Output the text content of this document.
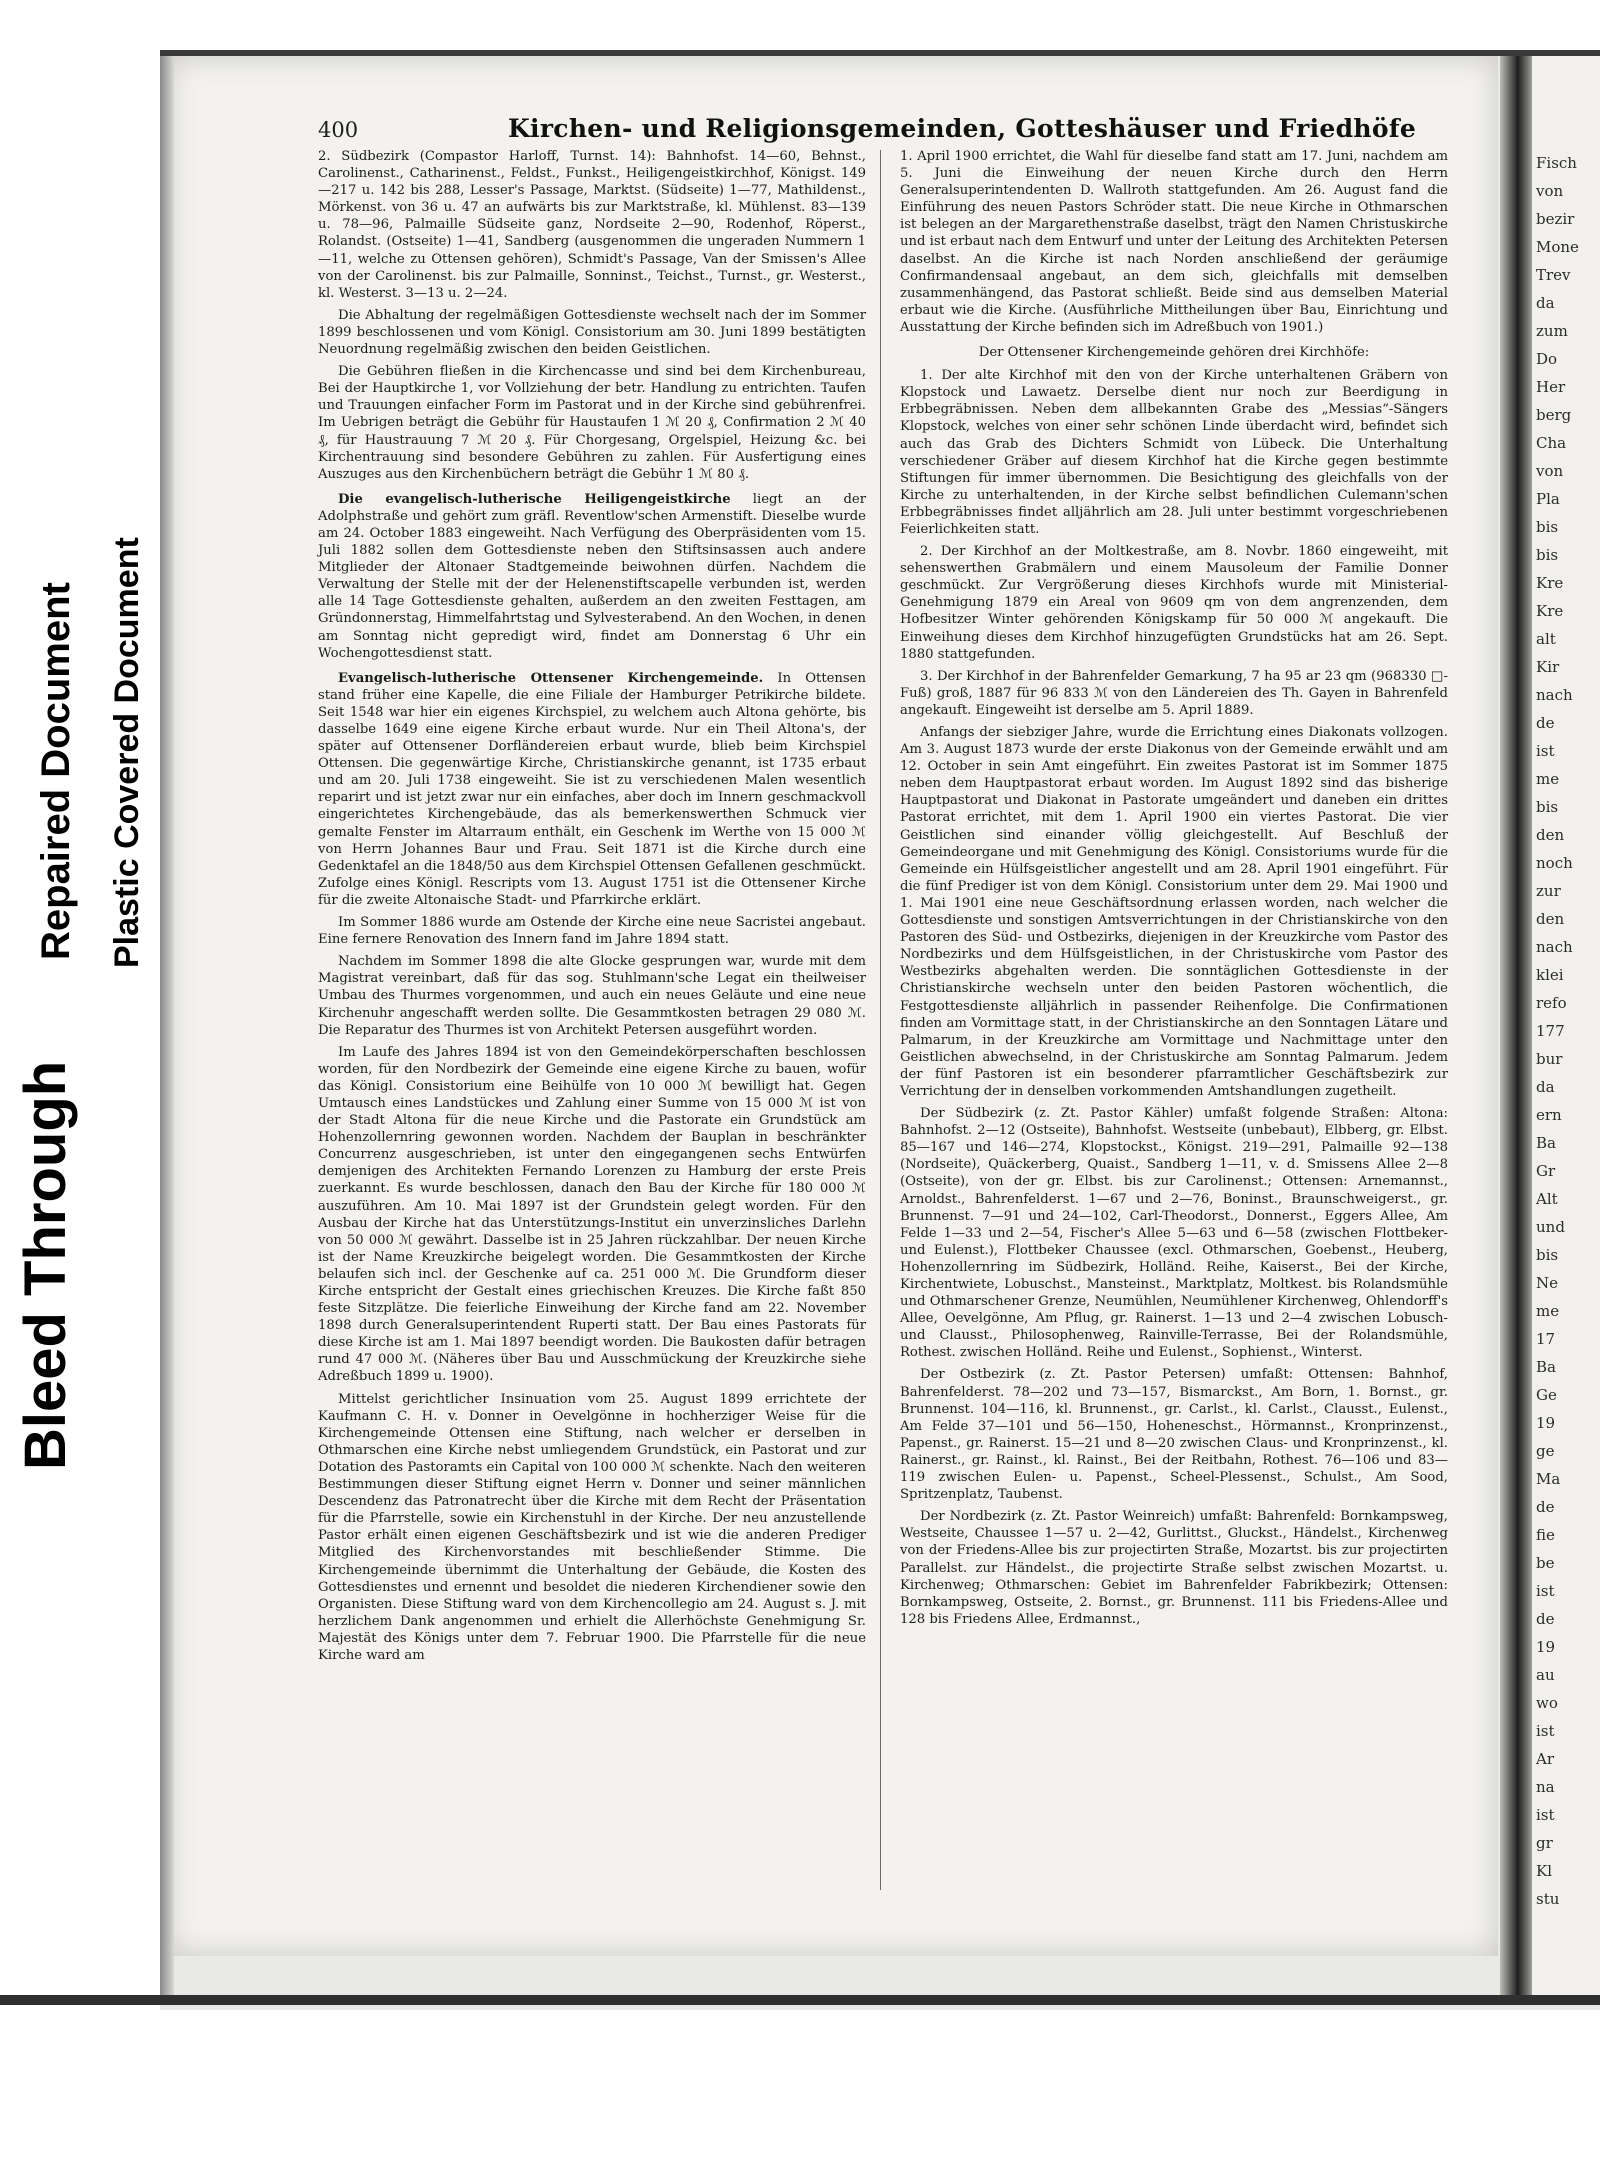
Bleed Through
Repaired Document Plastic Covered Document
Fisch
von
bezir
Mone
Trev
da
zum
Do
Her
berg
Cha
von
Pla
bis
bis
Kre
Kre
alt
Kir
nach
de
ist
me
bis
den
noch
zur
den
nach
klei
refo
177
bur
da
ern
Ba
Gr
Alt
und
bis
Ne
me
17
Ba
Ge
19
ge
Ma
de
fie
be
ist
de
19
au
wo
ist
Ar
na
ist
gr
Kl
stu
400	Kirchen- und Religionsgemeinden, Gotteshäuser und Friedhöfe

2. Südbezirk (Compastor Harloff, Turnst. 14): Bahnhofst. 14—60, Behnst., Carolinenst., Catharinenst., Feldst., Funkst., Heiligengeistkirchhof, Königst. 149—217 u. 142 bis 288, Lesser's Passage, Marktst. (Südseite) 1—77, Mathildenst., Mörkenst. von 36 u. 47 an aufwärts bis zur Marktstraße, kl. Mühlenst. 83—139 u. 78—96, Palmaille Südseite ganz, Nordseite 2—90, Rodenhof, Röperst., Rolandst. (Ostseite) 1—41, Sandberg (ausgenommen die ungeraden Nummern 1—11, welche zu Ottensen gehören), Schmidt's Passage, Van der Smissen's Allee von der Carolinenst. bis zur Palmaille, Sonninst., Teichst., Turnst., gr. Westerst., kl. Westerst. 3—13 u. 2—24.

Die Abhaltung der regelmäßigen Gottesdienste wechselt nach der im Sommer 1899 beschlossenen und vom Königl. Consistorium am 30. Juni 1899 bestätigten Neuordnung regelmäßig zwischen den beiden Geistlichen.

Die Gebühren fließen in die Kirchencasse und sind bei dem Kirchenbureau, Bei der Hauptkirche 1, vor Vollziehung der betr. Handlung zu entrichten. Taufen und Trauungen einfacher Form im Pastorat und in der Kirche sind gebührenfrei. Im Uebrigen beträgt die Gebühr für Haustaufen 1 ℳ 20 ₰, Confirmation 2 ℳ 40 ₰, für Haustrauung 7 ℳ 20 ₰. Für Chorgesang, Orgelspiel, Heizung &c. bei Kirchentrauung sind besondere Gebühren zu zahlen. Für Ausfertigung eines Auszuges aus den Kirchenbüchern beträgt die Gebühr 1 ℳ 80 ₰.

Die evangelisch-lutherische Heiligengeistkirche liegt an der Adolphstraße und gehört zum gräfl. Reventlow'schen Armenstift. Dieselbe wurde am 24. October 1883 eingeweiht. Nach Verfügung des Oberpräsidenten vom 15. Juli 1882 sollen dem Gottesdienste neben den Stiftsinsassen auch andere Mitglieder der Altonaer Stadtgemeinde beiwohnen dürfen. Nachdem die Verwaltung der Stelle mit der der Helenenstiftscapelle verbunden ist, werden alle 14 Tage Gottesdienste gehalten, außerdem an den zweiten Festtagen, am Gründonnerstag, Himmelfahrtstag und Sylvesterabend. An den Wochen, in denen am Sonntag nicht gepredigt wird, findet am Donnerstag 6 Uhr ein Wochengottesdienst statt.

Evangelisch-lutherische Ottensener Kirchengemeinde. In Ottensen stand früher eine Kapelle, die eine Filiale der Hamburger Petrikirche bildete. Seit 1548 war hier ein eigenes Kirchspiel, zu welchem auch Altona gehörte, bis dasselbe 1649 eine eigene Kirche erbaut wurde. Nur ein Theil Altona's, der später auf Ottensener Dorfländereien erbaut wurde, blieb beim Kirchspiel Ottensen. Die gegenwärtige Kirche, Christianskirche genannt, ist 1735 erbaut und am 20. Juli 1738 eingeweiht. Sie ist zu verschiedenen Malen wesentlich reparirt und ist jetzt zwar nur ein einfaches, aber doch im Innern geschmackvoll eingerichtetes Kirchengebäude, das als bemerkenswerthen Schmuck vier gemalte Fenster im Altarraum enthält, ein Geschenk im Werthe von 15 000 ℳ von Herrn Johannes Baur und Frau. Seit 1871 ist die Kirche durch eine Gedenktafel an die 1848/50 aus dem Kirchspiel Ottensen Gefallenen geschmückt. Zufolge eines Königl. Rescripts vom 13. August 1751 ist die Ottensener Kirche für die zweite Altonaische Stadt- und Pfarrkirche erklärt.

Im Sommer 1886 wurde am Ostende der Kirche eine neue Sacristei angebaut. Eine fernere Renovation des Innern fand im Jahre 1894 statt.

Nachdem im Sommer 1898 die alte Glocke gesprungen war, wurde mit dem Magistrat vereinbart, daß für das sog. Stuhlmann'sche Legat ein theilweiser Umbau des Thurmes vorgenommen, und auch ein neues Geläute und eine neue Kirchenuhr angeschafft werden sollte. Die Gesammtkosten betragen 29 080 ℳ. Die Reparatur des Thurmes ist von Architekt Petersen ausgeführt worden.

Im Laufe des Jahres 1894 ist von den Gemeindekörperschaften beschlossen worden, für den Nordbezirk der Gemeinde eine eigene Kirche zu bauen, wofür das Königl. Consistorium eine Beihülfe von 10 000 ℳ bewilligt hat. Gegen Umtausch eines Landstückes und Zahlung einer Summe von 15 000 ℳ ist von der Stadt Altona für die neue Kirche und die Pastorate ein Grundstück am Hohenzollernring gewonnen worden. Nachdem der Bauplan in beschränkter Concurrenz ausgeschrieben, ist unter den eingegangenen sechs Entwürfen demjenigen des Architekten Fernando Lorenzen zu Hamburg der erste Preis zuerkannt. Es wurde beschlossen, danach den Bau der Kirche für 180 000 ℳ auszuführen. Am 10. Mai 1897 ist der Grundstein gelegt worden. Für den Ausbau der Kirche hat das Unterstützungs-Institut ein unverzinsliches Darlehn von 50 000 ℳ gewährt. Dasselbe ist in 25 Jahren rückzahlbar. Der neuen Kirche ist der Name Kreuzkirche beigelegt worden. Die Gesammtkosten der Kirche belaufen sich incl. der Geschenke auf ca. 251 000 ℳ. Die Grundform dieser Kirche entspricht der Gestalt eines griechischen Kreuzes. Die Kirche faßt 850 feste Sitzplätze. Die feierliche Einweihung der Kirche fand am 22. November 1898 durch Generalsuperintendent Ruperti statt. Der Bau eines Pastorats für diese Kirche ist am 1. Mai 1897 beendigt worden. Die Baukosten dafür betragen rund 47 000 ℳ. (Näheres über Bau und Ausschmückung der Kreuzkirche siehe Adreßbuch 1899 u. 1900).

Mittelst gerichtlicher Insinuation vom 25. August 1899 errichtete der Kaufmann C. H. v. Donner in Oevelgönne in hochherziger Weise für die Kirchengemeinde Ottensen eine Stiftung, nach welcher er derselben in Othmarschen eine Kirche nebst umliegendem Grundstück, ein Pastorat und zur Dotation des Pastoramts ein Capital von 100 000 ℳ schenkte. Nach den weiteren Bestimmungen dieser Stiftung eignet Herrn v. Donner und seiner männlichen Descendenz das Patronatrecht über die Kirche mit dem Recht der Präsentation für die Pfarrstelle, sowie ein Kirchenstuhl in der Kirche. Der neu anzustellende Pastor erhält einen eigenen Geschäftsbezirk und ist wie die anderen Prediger Mitglied des Kirchenvorstandes mit beschließender Stimme. Die Kirchengemeinde übernimmt die Unterhaltung der Gebäude, die Kosten des Gottesdienstes und ernennt und besoldet die niederen Kirchendiener sowie den Organisten. Diese Stiftung ward von dem Kirchencollegio am 24. August s. J. mit herzlichem Dank angenommen und erhielt die Allerhöchste Genehmigung Sr. Majestät des Königs unter dem 7. Februar 1900. Die Pfarrstelle für die neue Kirche ward am

1. April 1900 errichtet, die Wahl für dieselbe fand statt am 17. Juni, nachdem am 5. Juni die Einweihung der neuen Kirche durch den Herrn Generalsuperintendenten D. Wallroth stattgefunden. Am 26. August fand die Einführung des neuen Pastors Schröder statt. Die neue Kirche in Othmarschen ist belegen an der Margarethenstraße daselbst, trägt den Namen Christuskirche und ist erbaut nach dem Entwurf und unter der Leitung des Architekten Petersen daselbst. An die Kirche ist nach Norden anschließend der geräumige Confirmandensaal angebaut, an dem sich, gleichfalls mit demselben zusammenhängend, das Pastorat schließt. Beide sind aus demselben Material erbaut wie die Kirche. (Ausführliche Mittheilungen über Bau, Einrichtung und Ausstattung der Kirche befinden sich im Adreßbuch von 1901.)

Der Ottensener Kirchengemeinde gehören drei Kirchhöfe:

1. Der alte Kirchhof mit den von der Kirche unterhaltenen Gräbern von Klopstock und Lawaetz. Derselbe dient nur noch zur Beerdigung in Erbbegräbnissen. Neben dem allbekannten Grabe des „Messias“-Sängers Klopstock, welches von einer sehr schönen Linde überdacht wird, befindet sich auch das Grab des Dichters Schmidt von Lübeck. Die Unterhaltung verschiedener Gräber auf diesem Kirchhof hat die Kirche gegen bestimmte Stiftungen für immer übernommen. Die Besichtigung des gleichfalls von der Kirche zu unterhaltenden, in der Kirche selbst befindlichen Culemann'schen Erbbegräbnisses findet alljährlich am 28. Juli unter bestimmt vorgeschriebenen Feierlichkeiten statt.

2. Der Kirchhof an der Moltkestraße, am 8. Novbr. 1860 eingeweiht, mit sehenswerthen Grabmälern und einem Mausoleum der Familie Donner geschmückt. Zur Vergrößerung dieses Kirchhofs wurde mit Ministerial-Genehmigung 1879 ein Areal von 9609 qm von dem angrenzenden, dem Hofbesitzer Winter gehörenden Königskamp für 50 000 ℳ angekauft. Die Einweihung dieses dem Kirchhof hinzugefügten Grundstücks hat am 26. Sept. 1880 stattgefunden.

3. Der Kirchhof in der Bahrenfelder Gemarkung, 7 ha 95 ar 23 qm (968330 □-Fuß) groß, 1887 für 96 833 ℳ von den Ländereien des Th. Gayen in Bahrenfeld angekauft. Eingeweiht ist derselbe am 5. April 1889.

Anfangs der siebziger Jahre, wurde die Errichtung eines Diakonats vollzogen. Am 3. August 1873 wurde der erste Diakonus von der Gemeinde erwählt und am 12. October in sein Amt eingeführt. Ein zweites Pastorat ist im Sommer 1875 neben dem Hauptpastorat erbaut worden. Im August 1892 sind das bisherige Hauptpastorat und Diakonat in Pastorate umgeändert und daneben ein drittes Pastorat errichtet, mit dem 1. April 1900 ein viertes Pastorat. Die vier Geistlichen sind einander völlig gleichgestellt. Auf Beschluß der Gemeindeorgane und mit Genehmigung des Königl. Consistoriums wurde für die Gemeinde ein Hülfsgeistlicher angestellt und am 28. April 1901 eingeführt. Für die fünf Prediger ist von dem Königl. Consistorium unter dem 29. Mai 1900 und 1. Mai 1901 eine neue Geschäftsordnung erlassen worden, nach welcher die Gottesdienste und sonstigen Amtsverrichtungen in der Christianskirche von den Pastoren des Süd- und Ostbezirks, diejenigen in der Kreuzkirche vom Pastor des Nordbezirks und dem Hülfsgeistlichen, in der Christuskirche vom Pastor des Westbezirks abgehalten werden. Die sonntäglichen Gottesdienste in der Christianskirche wechseln unter den beiden Pastoren wöchentlich, die Festgottesdienste alljährlich in passender Reihenfolge. Die Confirmationen finden am Vormittage statt, in der Christianskirche an den Sonntagen Lätare und Palmarum, in der Kreuzkirche am Vormittage und Nachmittage unter den Geistlichen abwechselnd, in der Christuskirche am Sonntag Palmarum. Jedem der fünf Pastoren ist ein besonderer pfarramtlicher Geschäftsbezirk zur Verrichtung der in denselben vorkommenden Amtshandlungen zugetheilt.

Der Südbezirk (z. Zt. Pastor Kähler) umfaßt folgende Straßen: Altona: Bahnhofst. 2—12 (Ostseite), Bahnhofst. Westseite (unbebaut), Elbberg, gr. Elbst. 85—167 und 146—274, Klopstockst., Königst. 219—291, Palmaille 92—138 (Nordseite), Quäckerberg, Quaist., Sandberg 1—11, v. d. Smissens Allee 2—8 (Ostseite), von der gr. Elbst. bis zur Carolinenst.; Ottensen: Arnemannst., Arnoldst., Bahrenfelderst. 1—67 und 2—76, Boninst., Braunschweigerst., gr. Brunnenst. 7—91 und 24—102, Carl-Theodorst., Donnerst., Eggers Allee, Am Felde 1—33 und 2—54, Fischer's Allee 5—63 und 6—58 (zwischen Flottbeker- und Eulenst.), Flottbeker Chaussee (excl. Othmarschen, Goebenst., Heuberg, Hohenzollernring im Südbezirk, Holländ. Reihe, Kaiserst., Bei der Kirche, Kirchentwiete, Lobuschst., Mansteinst., Marktplatz, Moltkest. bis Rolandsmühle und Othmarschener Grenze, Neumühlen, Neumühlener Kirchenweg, Ohlendorff's Allee, Oevelgönne, Am Pflug, gr. Rainerst. 1—13 und 2—4 zwischen Lobusch- und Clausst., Philosophenweg, Rainville-Terrasse, Bei der Rolandsmühle, Rothest. zwischen Holländ. Reihe und Eulenst., Sophienst., Winterst.

Der Ostbezirk (z. Zt. Pastor Petersen) umfaßt: Ottensen: Bahnhof, Bahrenfelderst. 78—202 und 73—157, Bismarckst., Am Born, 1. Bornst., gr. Brunnenst. 104—116, kl. Brunnenst., gr. Carlst., kl. Carlst., Clausst., Eulenst., Am Felde 37—101 und 56—150, Hoheneschst., Hörmannst., Kronprinzenst., Papenst., gr. Rainerst. 15—21 und 8—20 zwischen Claus- und Kronprinzenst., kl. Rainerst., gr. Rainst., kl. Rainst., Bei der Reitbahn, Rothest. 76—106 und 83—119 zwischen Eulen- u. Papenst., Scheel-Plessenst., Schulst., Am Sood, Spritzenplatz, Taubenst.

Der Nordbezirk (z. Zt. Pastor Weinreich) umfaßt: Bahrenfeld: Bornkampsweg, Westseite, Chaussee 1—57 u. 2—42, Gurlittst., Gluckst., Händelst., Kirchenweg von der Friedens-Allee bis zur projectirten Straße, Mozartst. bis zur projectirten Parallelst. zur Händelst., die projectirte Straße selbst zwischen Mozartst. u. Kirchenweg; Othmarschen: Gebiet im Bahrenfelder Fabrikbezirk; Ottensen: Bornkampsweg, Ostseite, 2. Bornst., gr. Brunnenst. 111 bis Friedens-Allee und 128 bis Friedens Allee, Erdmannst.,
